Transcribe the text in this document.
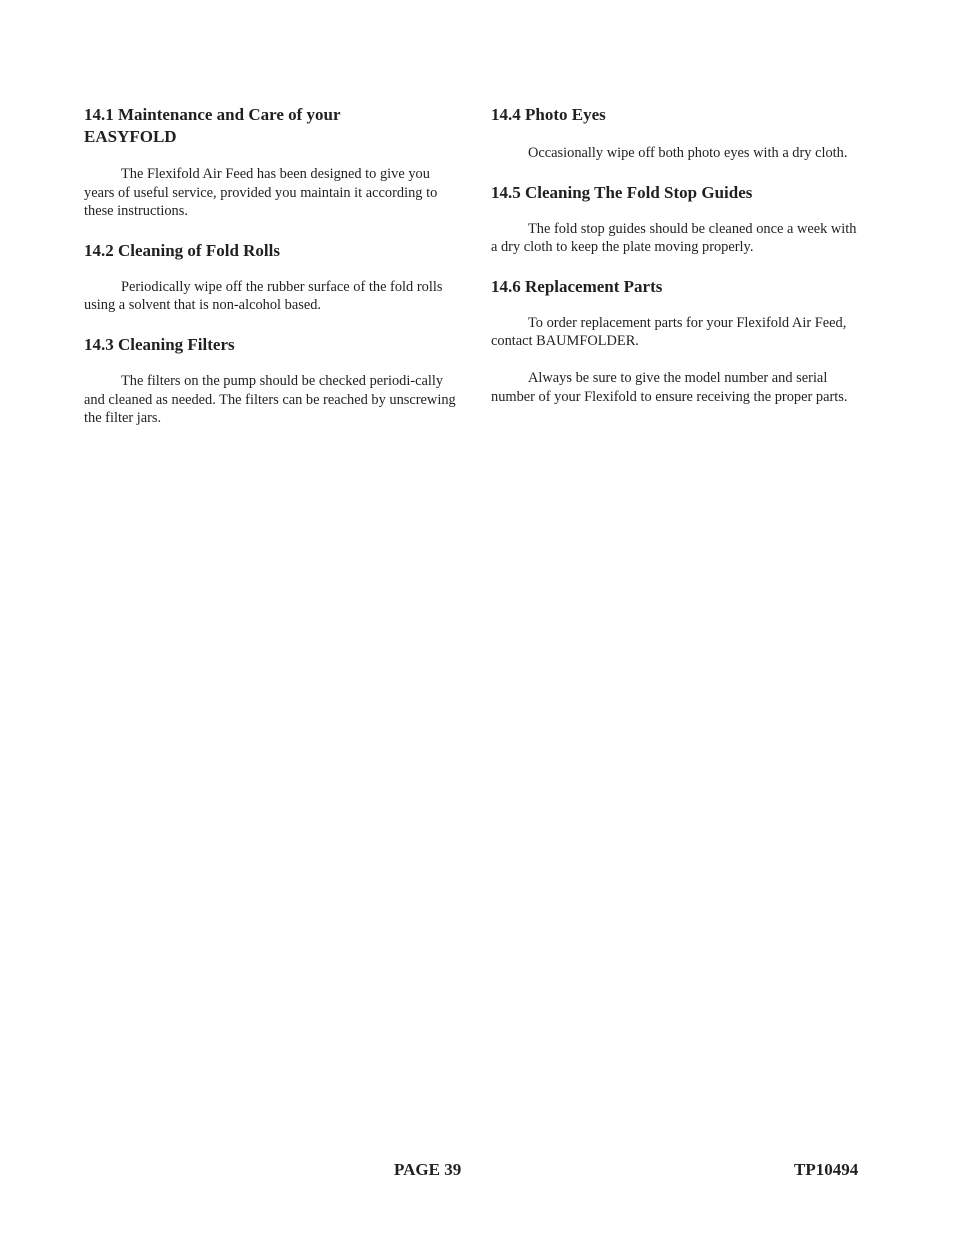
14.1 Maintenance and Care of your
EASYFOLD

The Flexifold Air Feed has been designed to give you years of useful service, provided you maintain it according to these instructions.

14.2 Cleaning of Fold Rolls

Periodically wipe off the rubber surface of the fold rolls using a solvent that is non-alcohol based.

14.3 Cleaning Filters

The filters on the pump should be checked periodi-cally and cleaned as needed. The filters can be reached by unscrewing the filter jars.

14.4 Photo Eyes

Occasionally wipe off both photo eyes with a dry cloth.

14.5 Cleaning The Fold Stop Guides

The fold stop guides should be cleaned once a week with a dry cloth to keep the plate moving properly.

14.6 Replacement Parts

To order replacement parts for your Flexifold Air Feed, contact BAUMFOLDER.

Always be sure to give the model number and serial number of your Flexifold to ensure receiving the proper parts.

PAGE 39	TP10494
